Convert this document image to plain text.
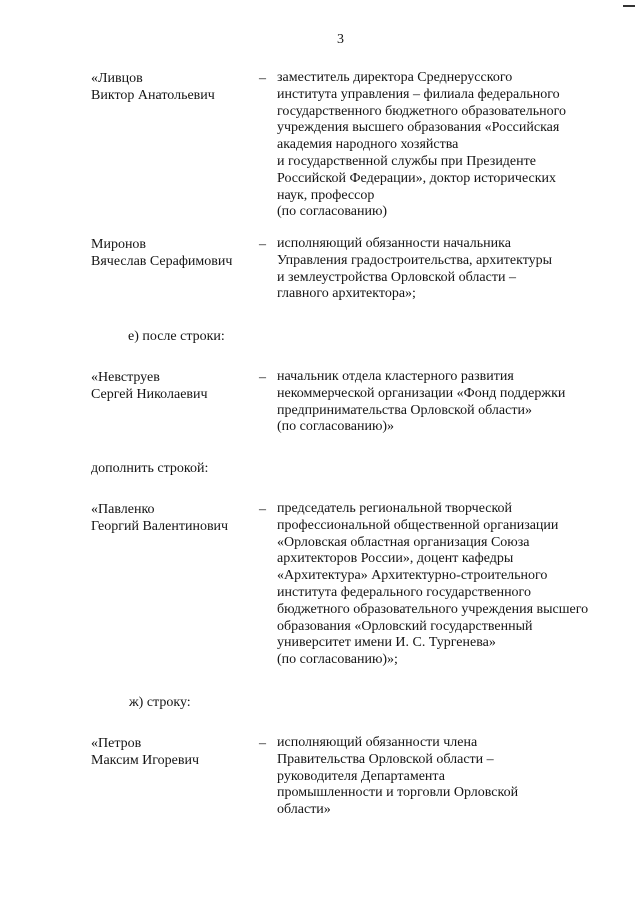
3
«Ливцов
Виктор Анатольевич
– заместитель директора Среднерусского
института управления – филиала федерального
государственного бюджетного образовательного
учреждения высшего образования «Российская
академия народного хозяйства
и государственной службы при Президенте
Российской Федерации», доктор исторических
наук, профессор
(по согласованию)
Миронов
Вячеслав Серафимович
– исполняющий обязанности начальника
Управления градостроительства, архитектуры
и землеустройства Орловской области –
главного архитектора»;
е) после строки:
«Невструев
Сергей Николаевич
– начальник отдела кластерного развития
некоммерческой организации «Фонд поддержки
предпринимательства Орловской области»
(по согласованию)»
дополнить строкой:
«Павленко
Георгий Валентинович
– председатель региональной творческой
профессиональной общественной организации
«Орловская областная организация Союза
архитекторов России», доцент кафедры
«Архитектура» Архитектурно-строительного
института федерального государственного
бюджетного образовательного учреждения высшего
образования «Орловский государственный
университет имени И. С. Тургенева»
(по согласованию)»;
ж) строку:
«Петров
Максим Игоревич
– исполняющий обязанности члена
Правительства Орловской области –
руководителя Департамента
промышленности и торговли Орловской
области»
